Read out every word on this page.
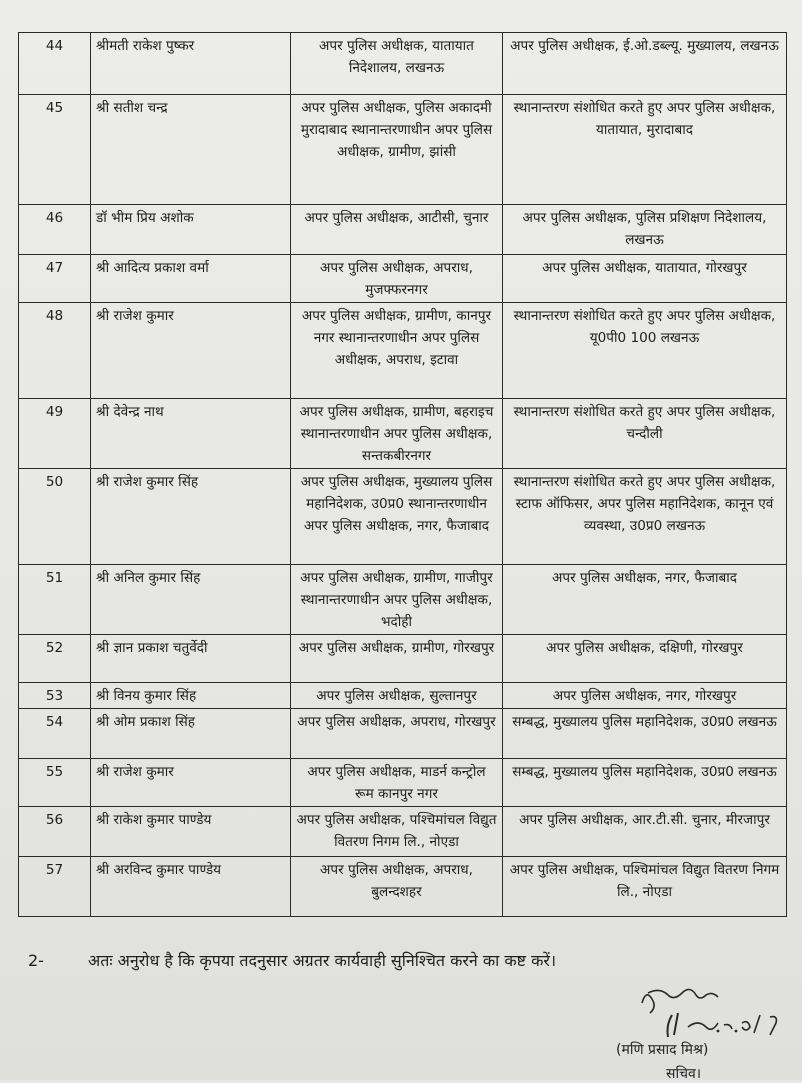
44	श्रीमती राकेश पुष्कर	अपर पुलिस अधीक्षक, यातायात निदेशालय, लखनऊ	अपर पुलिस अधीक्षक, ई.ओ.डब्ल्यू. मुख्यालय, लखनऊ
45	श्री सतीश चन्द्र	अपर पुलिस अधीक्षक, पुलिस अकादमी मुरादाबाद स्थानान्तरणाधीन अपर पुलिस अधीक्षक, ग्रामीण, झांसी	स्थानान्तरण संशोधित करते हुए अपर पुलिस अधीक्षक, यातायात, मुरादाबाद
46	डॉ भीम प्रिय अशोक	अपर पुलिस अधीक्षक, आटीसी, चुनार	अपर पुलिस अधीक्षक, पुलिस प्रशिक्षण निदेशालय, लखनऊ
47	श्री आदित्य प्रकाश वर्मा	अपर पुलिस अधीक्षक, अपराध, मुजफ्फरनगर	अपर पुलिस अधीक्षक, यातायात, गोरखपुर
48	श्री राजेश कुमार	अपर पुलिस अधीक्षक, ग्रामीण, कानपुर नगर स्थानान्तरणाधीन अपर पुलिस अधीक्षक, अपराध, इटावा	स्थानान्तरण संशोधित करते हुए अपर पुलिस अधीक्षक, यू0पी0 100 लखनऊ
49	श्री देवेन्द्र नाथ	अपर पुलिस अधीक्षक, ग्रामीण, बहराइच स्थानान्तरणाधीन अपर पुलिस अधीक्षक, सन्तकबीरनगर	स्थानान्तरण संशोधित करते हुए अपर पुलिस अधीक्षक, चन्दौली
50	श्री राजेश कुमार सिंह	अपर पुलिस अधीक्षक, मुख्यालय पुलिस महानिदेशक, उ0प्र0 स्थानान्तरणाधीन अपर पुलिस अधीक्षक, नगर, फैजाबाद	स्थानान्तरण संशोधित करते हुए अपर पुलिस अधीक्षक, स्टाफ ऑफिसर, अपर पुलिस महानिदेशक, कानून एवं व्यवस्था, उ0प्र0 लखनऊ
51	श्री अनिल कुमार सिंह	अपर पुलिस अधीक्षक, ग्रामीण, गाजीपुर स्थानान्तरणाधीन अपर पुलिस अधीक्षक, भदोही	अपर पुलिस अधीक्षक, नगर, फैजाबाद
52	श्री ज्ञान प्रकाश चतुर्वेदी	अपर पुलिस अधीक्षक, ग्रामीण, गोरखपुर	अपर पुलिस अधीक्षक, दक्षिणी, गोरखपुर
53	श्री विनय कुमार सिंह	अपर पुलिस अधीक्षक, सुल्तानपुर	अपर पुलिस अधीक्षक, नगर, गोरखपुर
54	श्री ओम प्रकाश सिंह	अपर पुलिस अधीक्षक, अपराध, गोरखपुर	सम्बद्ध, मुख्यालय पुलिस महानिदेशक, उ0प्र0 लखनऊ
55	श्री राजेश कुमार	अपर पुलिस अधीक्षक, माडर्न कन्ट्रोल रूम कानपुर नगर	सम्बद्ध, मुख्यालय पुलिस महानिदेशक, उ0प्र0 लखनऊ
56	श्री राकेश कुमार पाण्डेय	अपर पुलिस अधीक्षक, पश्चिमांचल विद्युत वितरण निगम लि., नोएडा	अपर पुलिस अधीक्षक, आर.टी.सी. चुनार, मीरजापुर
57	श्री अरविन्द कुमार पाण्डेय	अपर पुलिस अधीक्षक, अपराध, बुलन्दशहर	अपर पुलिस अधीक्षक, पश्चिमांचल विद्युत वितरण निगम लि., नोएडा
2-	अतः अनुरोध है कि कृपया तदनुसार अग्रतर कार्यवाही सुनिश्चित करने का कष्ट करें।
(मणि प्रसाद मिश्र)
सचिव।
